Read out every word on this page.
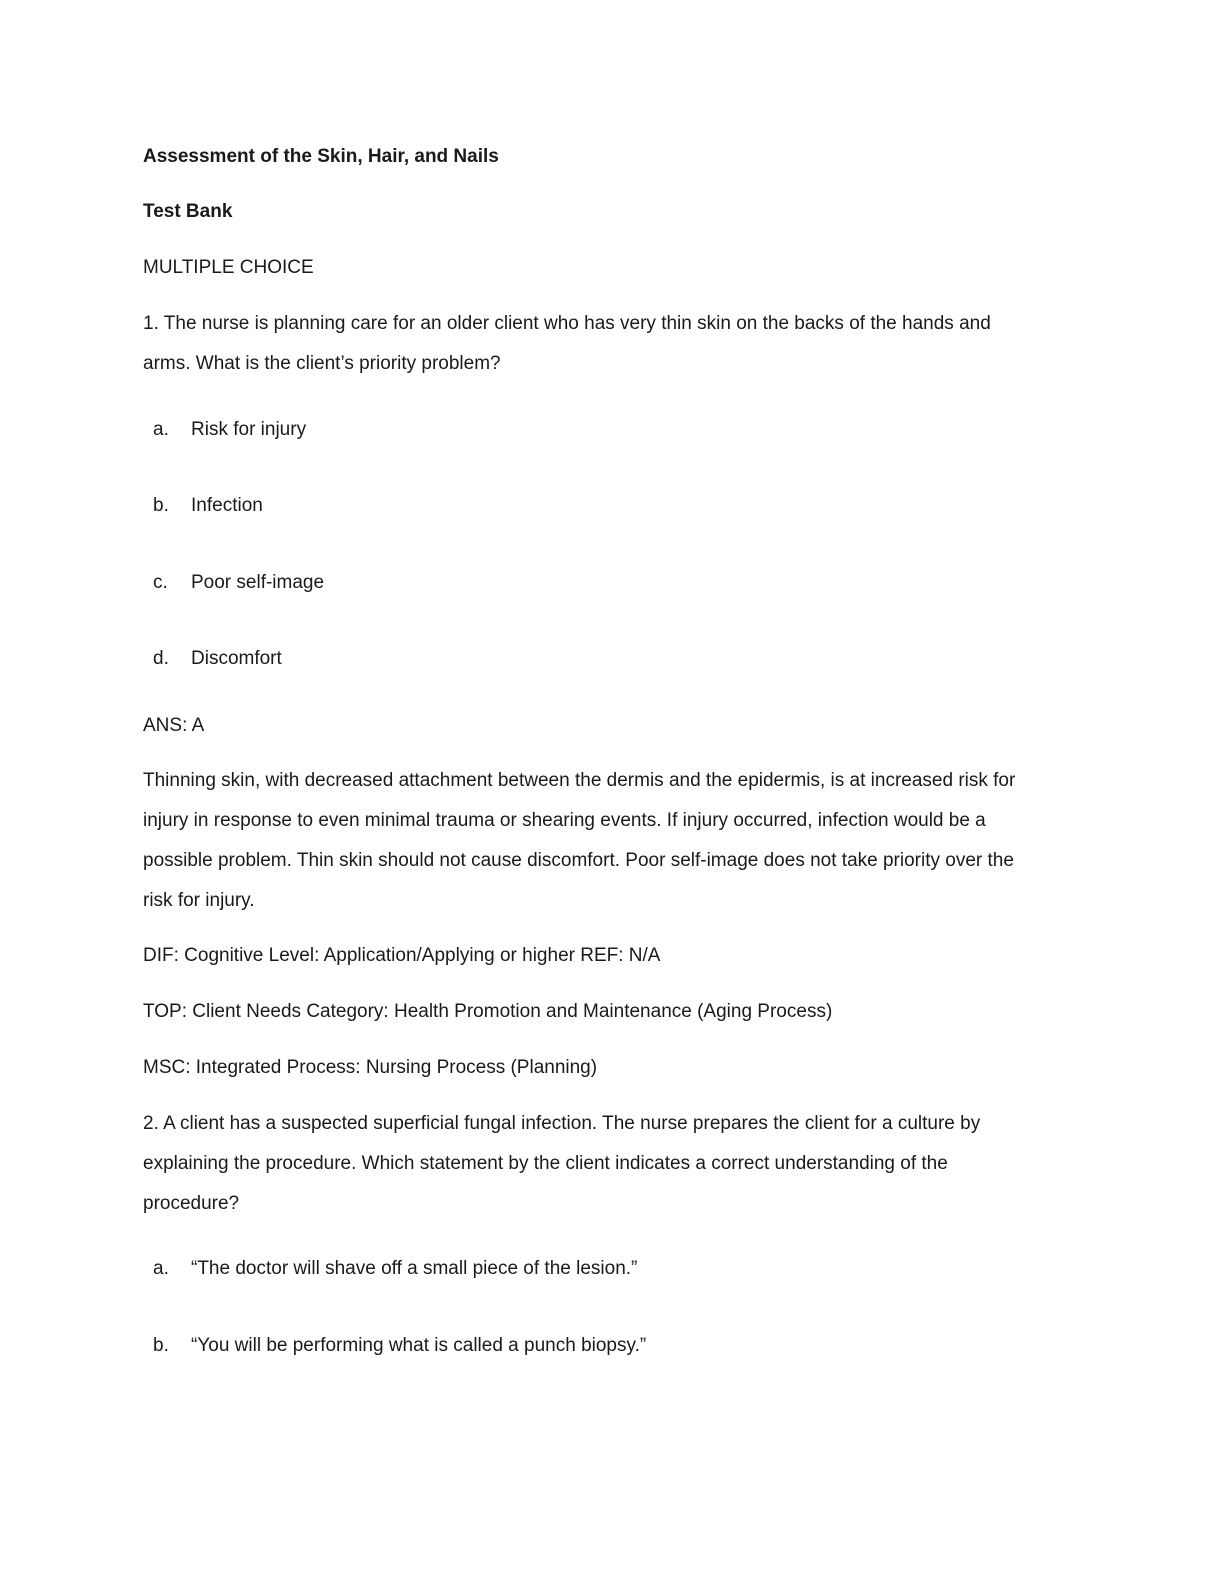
Assessment of the Skin, Hair, and Nails
Test Bank
MULTIPLE CHOICE
1. The nurse is planning care for an older client who has very thin skin on the backs of the hands and
arms. What is the client’s priority problem?
a. Risk for injury
b. Infection
c. Poor self-image
d. Discomfort
ANS: A
Thinning skin, with decreased attachment between the dermis and the epidermis, is at increased risk for
injury in response to even minimal trauma or shearing events. If injury occurred, infection would be a
possible problem. Thin skin should not cause discomfort. Poor self-image does not take priority over the
risk for injury.
DIF: Cognitive Level: Application/Applying or higher REF: N/A
TOP: Client Needs Category: Health Promotion and Maintenance (Aging Process)
MSC: Integrated Process: Nursing Process (Planning)
2. A client has a suspected superficial fungal infection. The nurse prepares the client for a culture by
explaining the procedure. Which statement by the client indicates a correct understanding of the
procedure?
a. “The doctor will shave off a small piece of the lesion.”
b. “You will be performing what is called a punch biopsy.”
